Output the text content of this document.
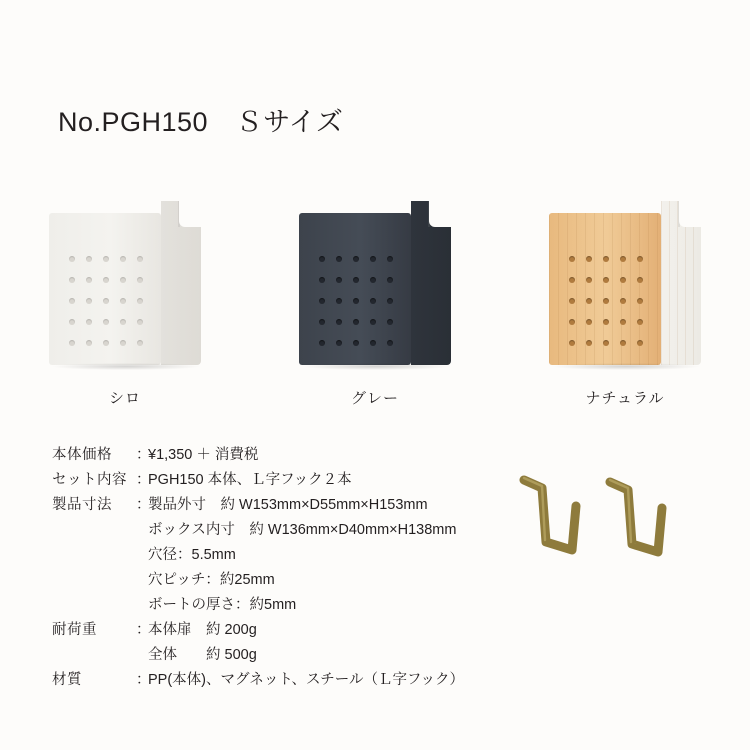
No.PGH150　Ｓサイズ
シロ	グレー	ナチュラル
本体価格	：
¥1,350 ＋ 消費税
セット内容 ：
PGH150 本体、Ｌ字フック２本
製品寸法	：
製品外寸　約 W153mm×D55mm×H153mm
ボックス内寸　約 W136mm×D40mm×H138mm
穴径：5.5mm
穴ピッチ：約25mm
ボートの厚さ：約5mm
耐荷重	：
本体扉　約 200g
全体　　約 500g
材質	：
PP(本体)、マグネット、スチール（Ｌ字フック）
